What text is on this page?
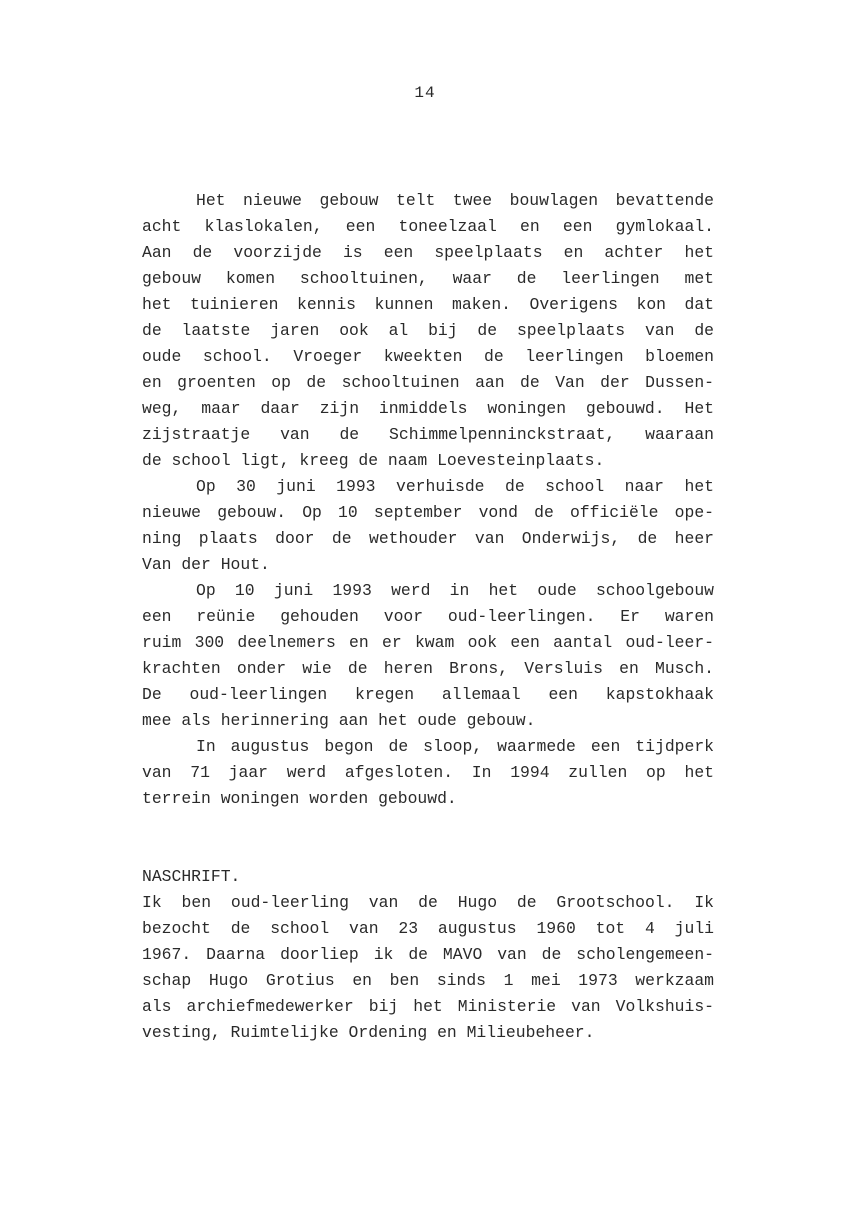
14
Het nieuwe gebouw telt twee bouwlagen bevattende
acht klaslokalen, een toneelzaal en een gymlokaal.
Aan de voorzijde is een speelplaats en achter het
gebouw komen schooltuinen, waar de leerlingen met
het tuinieren kennis kunnen maken. Overigens kon dat
de laatste jaren ook al bij de speelplaats van de
oude school. Vroeger kweekten de leerlingen bloemen
en groenten op de schooltuinen aan de Van der Dussen-
weg, maar daar zijn inmiddels woningen gebouwd. Het
zijstraatje van de Schimmelpenninckstraat, waaraan
de school ligt, kreeg de naam Loevesteinplaats.
Op 30 juni 1993 verhuisde de school naar het
nieuwe gebouw. Op 10 september vond de officiële ope-
ning plaats door de wethouder van Onderwijs, de heer
Van der Hout.
Op 10 juni 1993 werd in het oude schoolgebouw
een reünie gehouden voor oud-leerlingen. Er waren
ruim 300 deelnemers en er kwam ook een aantal oud-leer-
krachten onder wie de heren Brons, Versluis en Musch.
De oud-leerlingen kregen allemaal een kapstokhaak
mee als herinnering aan het oude gebouw.
In augustus begon de sloop, waarmede een tijdperk
van 71 jaar werd afgesloten. In 1994 zullen op het
terrein woningen worden gebouwd.
NASCHRIFT.
Ik ben oud-leerling van de Hugo de Grootschool. Ik
bezocht de school van 23 augustus 1960 tot 4 juli
1967. Daarna doorliep ik de MAVO van de scholengemeen-
schap Hugo Grotius en ben sinds 1 mei 1973 werkzaam
als archiefmedewerker bij het Ministerie van Volkshuis-
vesting, Ruimtelijke Ordening en Milieubeheer.
